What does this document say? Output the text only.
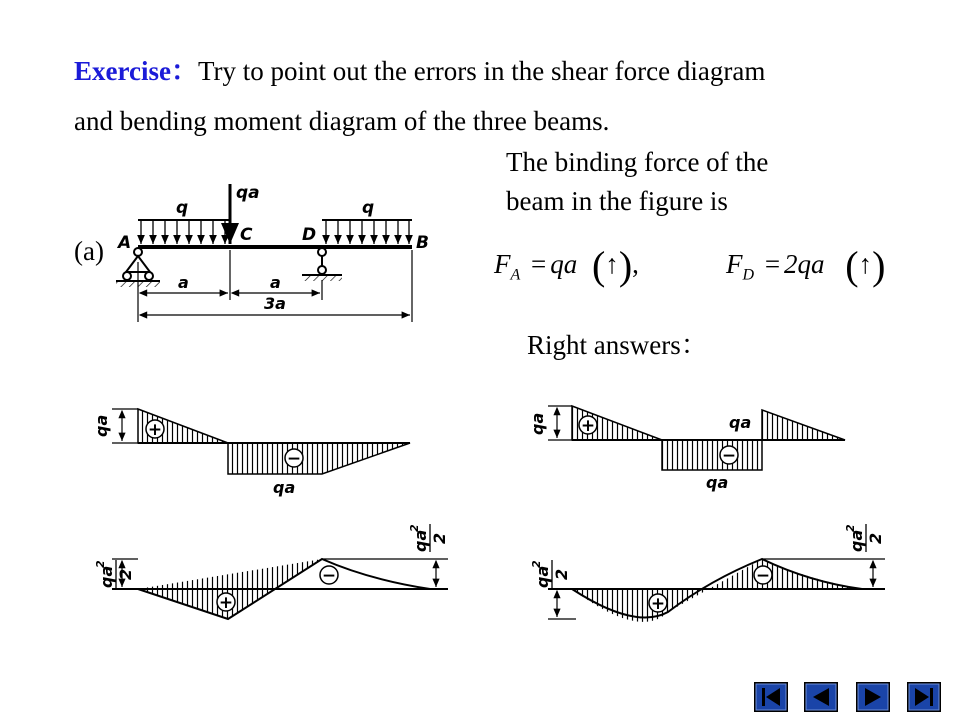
Exercise：Try to point out the errors in the shear force diagram
and bending moment diagram of the three beams.
The binding force of the
beam in the figure is
(a)
Right answers：
$F_A$ = qa (↑),	$F_D = 2qa$ (↑)
q	q
qa
A	C	D	B
a	a
3a
qa
qa
+
−
qa
2
2
qa
2
2
+
−
qa	qa
qa
+
−
qa
2
2
qa
2
2
+
−
